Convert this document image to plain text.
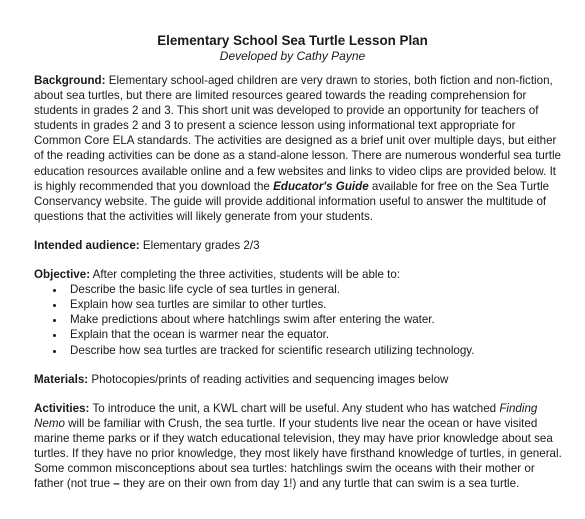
Elementary School Sea Turtle Lesson Plan
Developed by Cathy Payne

Background: Elementary school-aged children are very drawn to stories, both fiction and non-fiction, about sea turtles, but there are limited resources geared towards the reading comprehension for students in grades 2 and 3. This short unit was developed to provide an opportunity for teachers of students in grades 2 and 3 to present a science lesson using informational text appropriate for Common Core ELA standards. The activities are designed as a brief unit over multiple days, but either of the reading activities can be done as a stand-alone lesson. There are numerous wonderful sea turtle education resources available online and a few websites and links to video clips are provided below. It is highly recommended that you download the Educator's Guide available for free on the Sea Turtle Conservancy website. The guide will provide additional information useful to answer the multitude of questions that the activities will likely generate from your students.

Intended audience: Elementary grades 2/3

Objective: After completing the three activities, students will be able to:
• Describe the basic life cycle of sea turtles in general.
• Explain how sea turtles are similar to other turtles.
• Make predictions about where hatchlings swim after entering the water.
• Explain that the ocean is warmer near the equator.
• Describe how sea turtles are tracked for scientific research utilizing technology.

Materials: Photocopies/prints of reading activities and sequencing images below

Activities: To introduce the unit, a KWL chart will be useful. Any student who has watched Finding Nemo will be familiar with Crush, the sea turtle. If your students live near the ocean or have visited marine theme parks or if they watch educational television, they may have prior knowledge about sea turtles. If they have no prior knowledge, they most likely have firsthand knowledge of turtles, in general. Some common misconceptions about sea turtles: hatchlings swim the oceans with their mother or father (not true – they are on their own from day 1!) and any turtle that can swim is a sea turtle.
